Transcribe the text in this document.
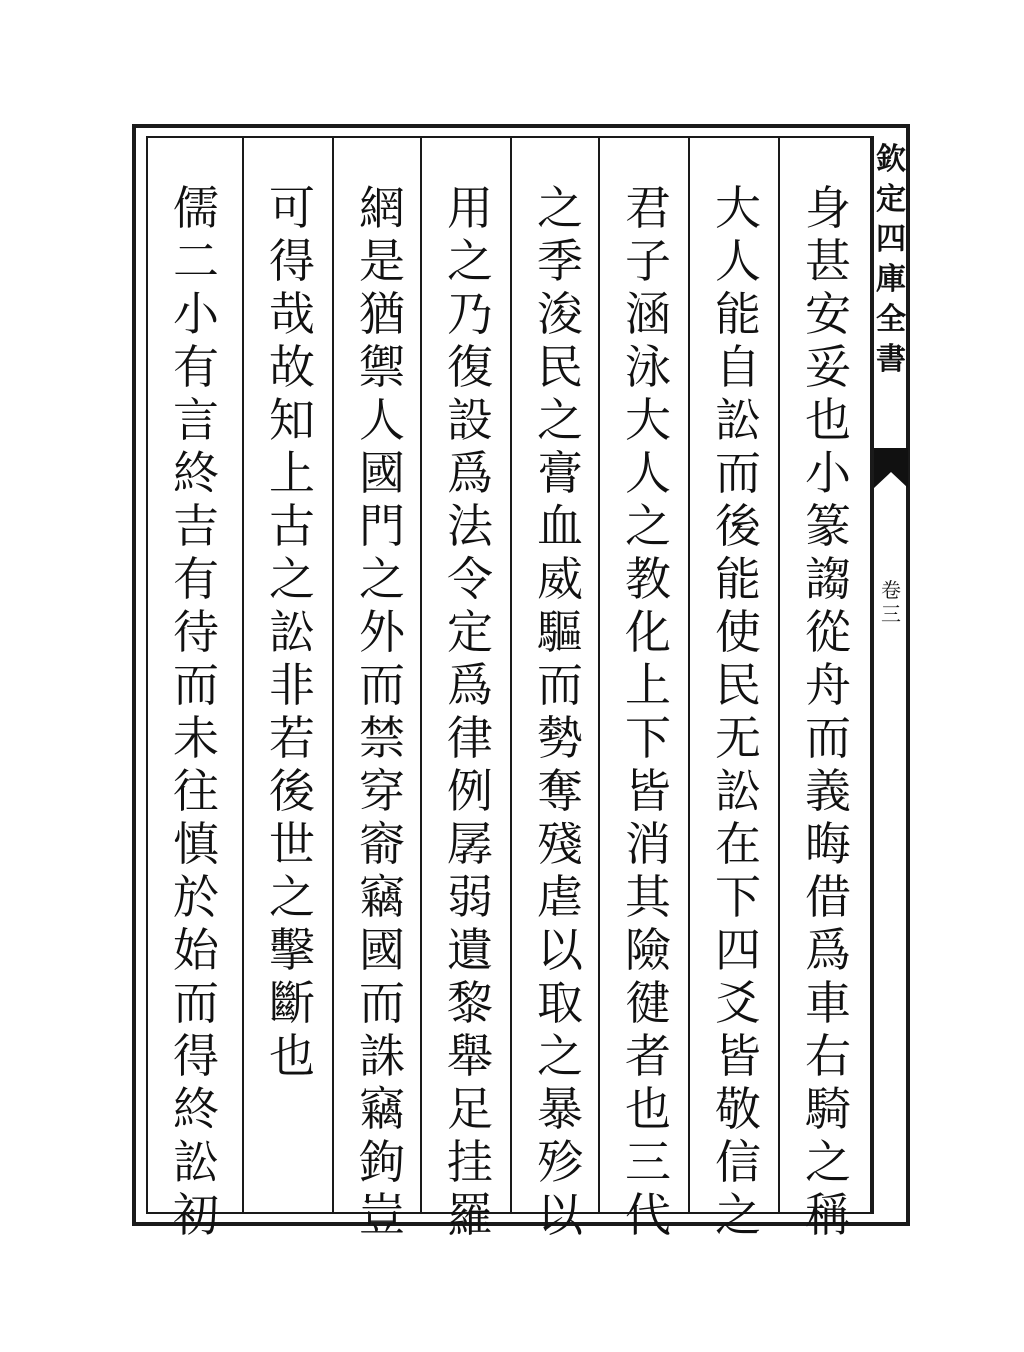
欽
定
四
庫
全
書
卷
三
身
甚
安
妥
也
小
篆
謅
從
舟
而
義
晦
借
爲
車
右
騎
之
稱
大
人
能
自
訟
而
後
能
使
民
无
訟
在
下
四
爻
皆
敬
信
之
君
子
涵
泳
大
人
之
教
化
上
下
皆
消
其
險
徤
者
也
三
代
之
季
浚
民
之
膏
血
威
驅
而
勢
奪
殘
虐
以
取
之
暴
殄
以
用
之
乃
復
設
爲
法
令
定
爲
律
例
孱
弱
遺
黎
舉
足
挂
羅
網
是
猶
禦
人
國
門
之
外
而
禁
穿
窬
竊
國
而
誅
竊
鉤
豈
可
得
哉
故
知
上
古
之
訟
非
若
後
世
之
擊
斷
也
儒
二
小
有
言
終
吉
有
待
而
未
往
慎
於
始
而
得
終
訟
初
